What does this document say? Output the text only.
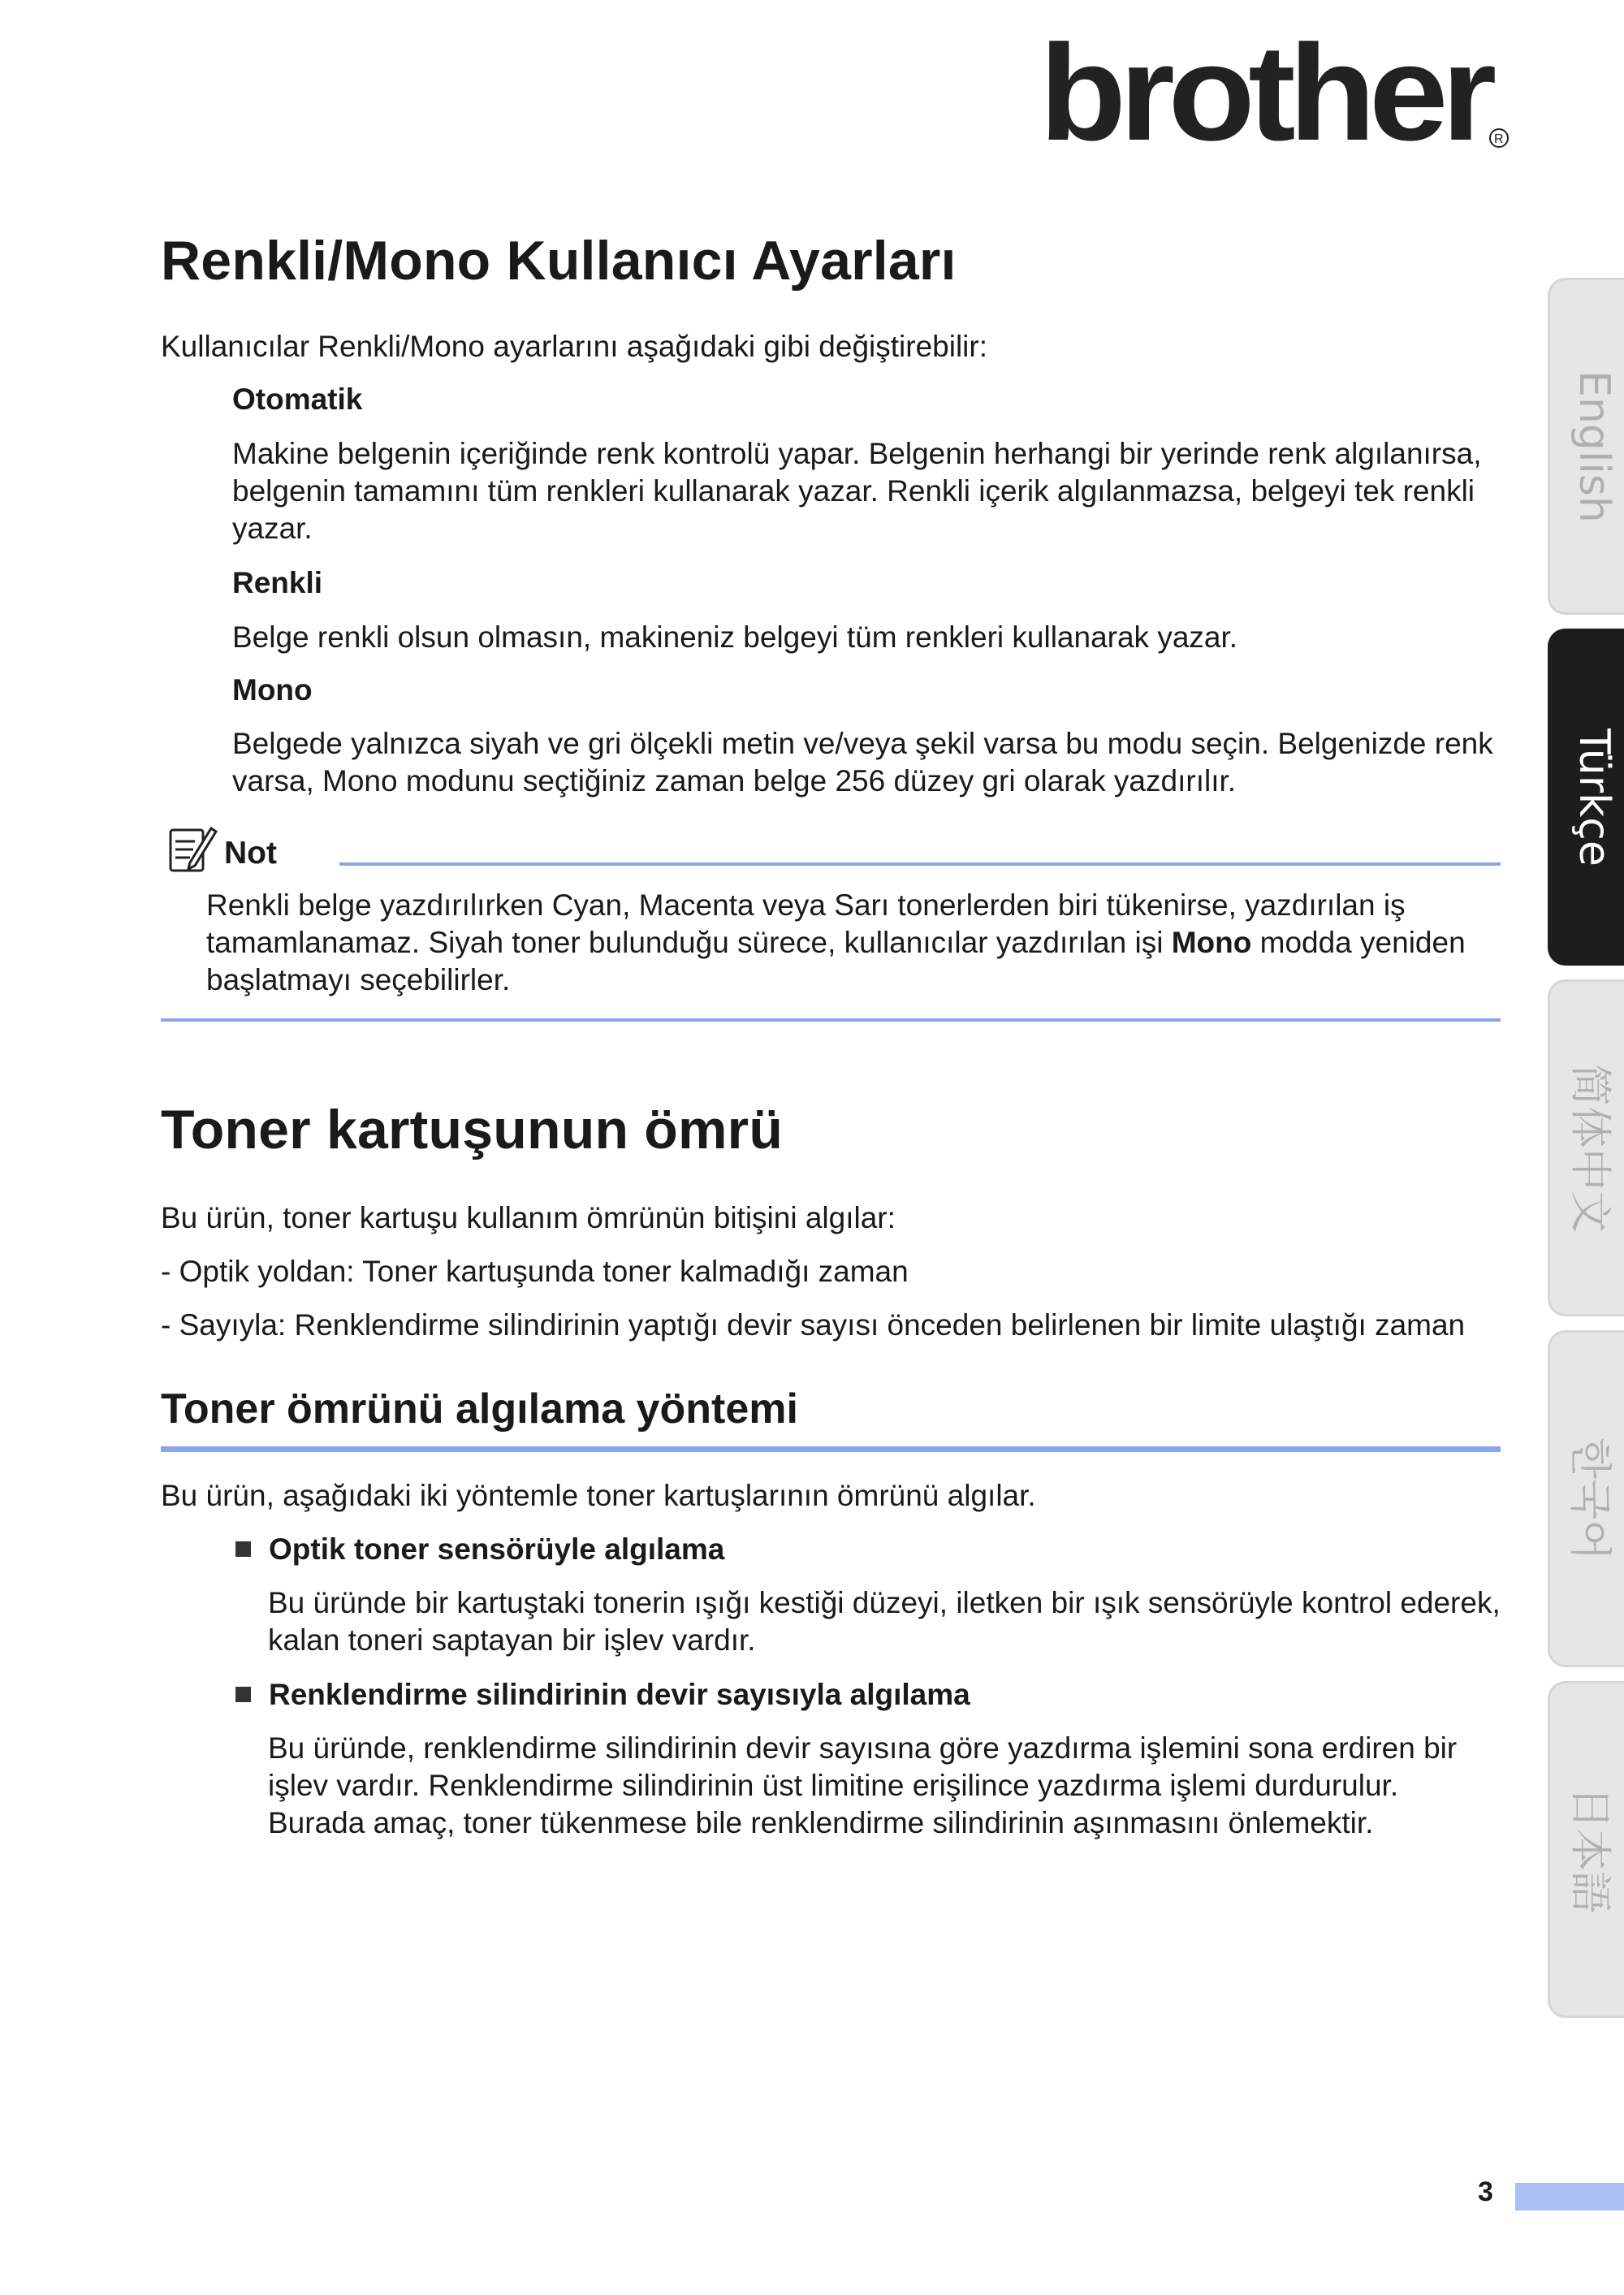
brother R
Renkli/Mono Kullanıcı Ayarları

Kullanıcılar Renkli/Mono ayarlarını aşağıdaki gibi değiştirebilir:

Otomatik

Makine belgenin içeriğinde renk kontrolü yapar. Belgenin herhangi bir yerinde renk algılanırsa, belgenin tamamını tüm renkleri kullanarak yazar. Renkli içerik algılanmazsa, belgeyi tek renkli yazar.

Renkli

Belge renkli olsun olmasın, makineniz belgeyi tüm renkleri kullanarak yazar.

Mono

Belgede yalnızca siyah ve gri ölçekli metin ve/veya şekil varsa bu modu seçin. Belgenizde renk varsa, Mono modunu seçtiğiniz zaman belge 256 düzey gri olarak yazdırılır.

Not

Renkli belge yazdırılırken Cyan, Macenta veya Sarı tonerlerden biri tükenirse, yazdırılan iş tamamlanamaz. Siyah toner bulunduğu sürece, kullanıcılar yazdırılan işi Mono modda yeniden başlatmayı seçebilirler.

Toner kartuşunun ömrü

Bu ürün, toner kartuşu kullanım ömrünün bitişini algılar:

- Optik yoldan: Toner kartuşunda toner kalmadığı zaman

- Sayıyla: Renklendirme silindirinin yaptığı devir sayısı önceden belirlenen bir limite ulaştığı zaman

Toner ömrünü algılama yöntemi

Bu ürün, aşağıdaki iki yöntemle toner kartuşlarının ömrünü algılar.

Optik toner sensörüyle algılama

Bu üründe bir kartuştaki tonerin ışığı kestiği düzeyi, iletken bir ışık sensörüyle kontrol ederek, kalan toneri saptayan bir işlev vardır.

Renklendirme silindirinin devir sayısıyla algılama

Bu üründe, renklendirme silindirinin devir sayısına göre yazdırma işlemini sona erdiren bir işlev vardır. Renklendirme silindirinin üst limitine erişilince yazdırma işlemi durdurulur. Burada amaç, toner tükenmese bile renklendirme silindirinin aşınmasını önlemektir.

English
Türkçe
简体中文
한국어
日本語
3
